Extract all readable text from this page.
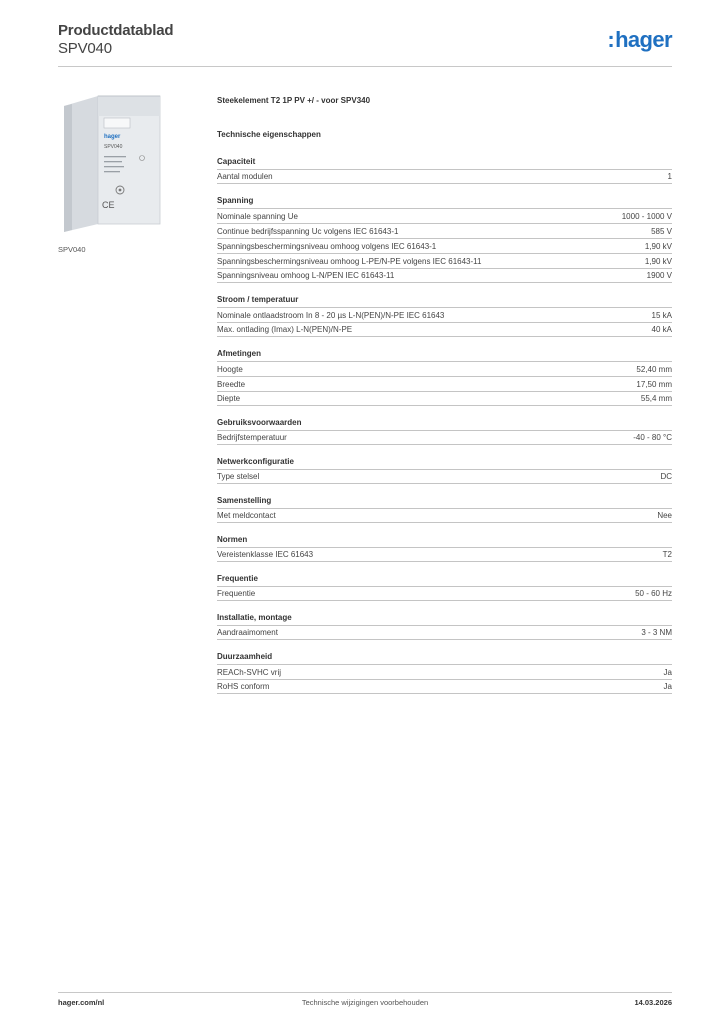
Productdatablad
SPV040	:hager
hager
SPV040
CE
SPV040
Steekelement T2 1P PV +/ - voor SPV340
Technische eigenschappen
Capaciteit
Aantal modulen	1
Spanning
Nominale spanning Ue	1000 - 1000 V
Continue bedrijfsspanning Uc volgens IEC 61643-1	585 V
Spanningsbeschermingsniveau omhoog volgens IEC 61643-1	1,90 kV
Spanningsbeschermingsniveau omhoog L-PE/N-PE volgens IEC 61643-11	1,90 kV
Spanningsniveau omhoog L-N/PEN IEC 61643-11	1900 V
Stroom / temperatuur
Nominale ontlaadstroom In 8 - 20 µs L-N(PEN)/N-PE IEC 61643	15 kA
Max. ontlading (Imax) L-N(PEN)/N-PE	40 kA
Afmetingen
Hoogte	52,40 mm
Breedte	17,50 mm
Diepte	55,4 mm
Gebruiksvoorwaarden
Bedrijfstemperatuur	-40 - 80 °C
Netwerkconfiguratie
Type stelsel	DC
Samenstelling
Met meldcontact	Nee
Normen
Vereistenklasse IEC 61643	T2
Frequentie
Frequentie	50 - 60 Hz
Installatie, montage
Aandraaimoment	3 - 3 NM
Duurzaamheid
REACh-SVHC vrij	Ja
RoHS conform	Ja
hager.com/nl	Technische wijzigingen voorbehouden	14.03.2026
